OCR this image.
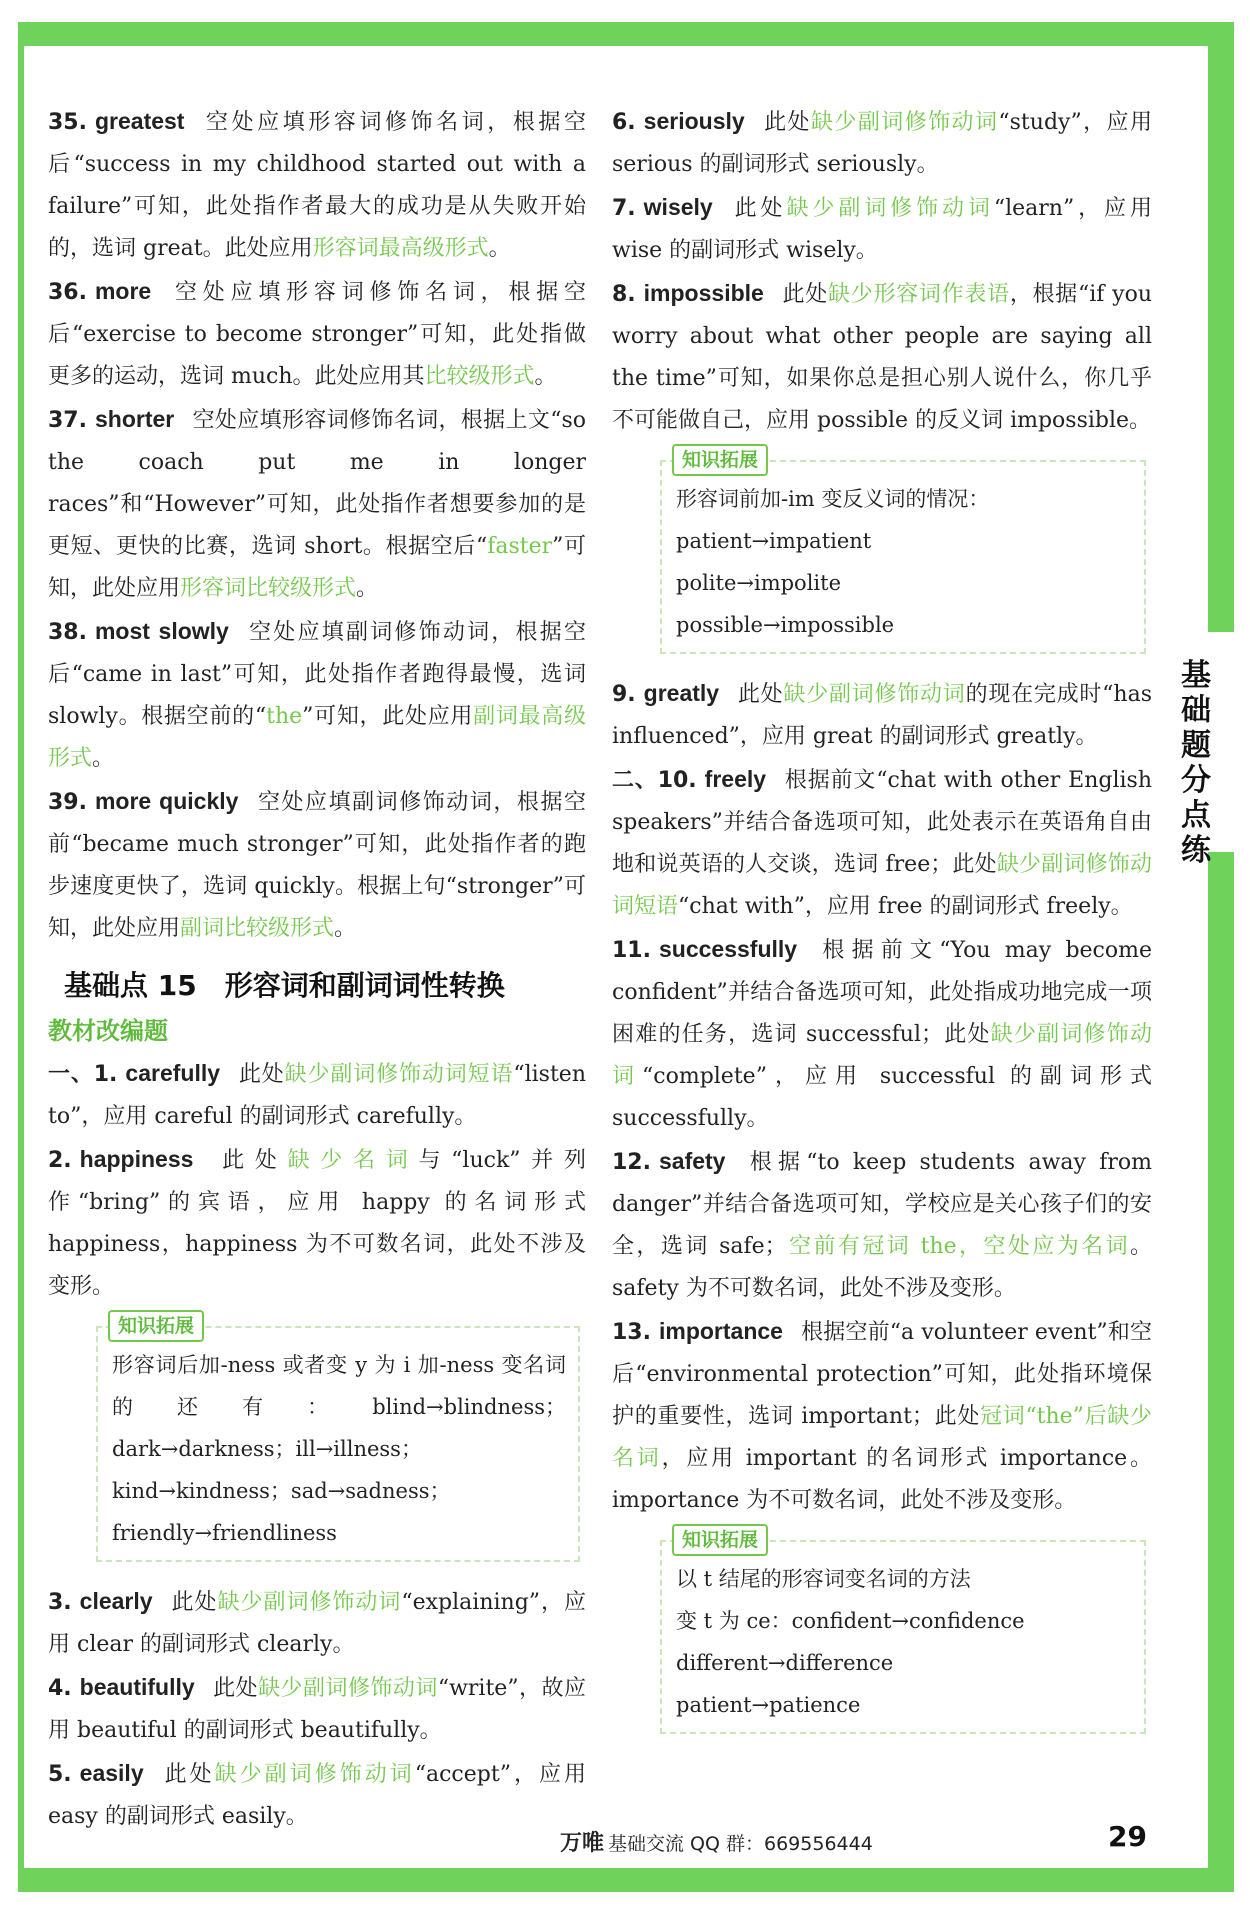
基础题分点练
35. greatest 空处应填形容词修饰名词，根据空后“success in my childhood started out with a failure”可知，此处指作者最大的成功是从失败开始的，选词 great。此处应用形容词最高级形式。
36. more 空处应填形容词修饰名词，根据空后“exercise to become stronger”可知，此处指做更多的运动，选词 much。此处应用其比较级形式。
37. shorter 空处应填形容词修饰名词，根据上文“so the coach put me in longer races”和“However”可知，此处指作者想要参加的是更短、更快的比赛，选词 short。根据空后“faster”可知，此处应用形容词比较级形式。
38. most slowly 空处应填副词修饰动词，根据空后“came in last”可知，此处指作者跑得最慢，选词 slowly。根据空前的“the”可知，此处应用副词最高级形式。
39. more quickly 空处应填副词修饰动词，根据空前“became much stronger”可知，此处指作者的跑步速度更快了，选词 quickly。根据上句“stronger”可知，此处应用副词比较级形式。
基础点 15　形容词和副词词性转换
教材改编题
一、1. carefully 此处缺少副词修饰动词短语“listen to”，应用 careful 的副词形式 carefully。
2. happiness 此处缺少名词与“luck”并列作“bring”的宾语，应用 happy 的名词形式 happiness，happiness 为不可数名词，此处不涉及变形。
知识拓展
形容词后加-ness 或者变 y 为 i 加-ness 变名词的还有：blind→blindness；dark→darkness；ill→illness；kind→kindness；sad→sadness；friendly→friendliness
3. clearly 此处缺少副词修饰动词“explaining”，应用 clear 的副词形式 clearly。
4. beautifully 此处缺少副词修饰动词“write”，故应用 beautiful 的副词形式 beautifully。
5. easily 此处缺少副词修饰动词“accept”，应用 easy 的副词形式 easily。
6. seriously 此处缺少副词修饰动词“study”，应用 serious 的副词形式 seriously。
7. wisely 此处缺少副词修饰动词“learn”，应用 wise 的副词形式 wisely。
8. impossible 此处缺少形容词作表语，根据“if you worry about what other people are saying all the time”可知，如果你总是担心别人说什么，你几乎不可能做自己，应用 possible 的反义词 impossible。
知识拓展
形容词前加-im 变反义词的情况：
patient→impatient
polite→impolite
possible→impossible
9. greatly 此处缺少副词修饰动词的现在完成时“has influenced”，应用 great 的副词形式 greatly。
二、10. freely 根据前文“chat with other English speakers”并结合备选项可知，此处表示在英语角自由地和说英语的人交谈，选词 free；此处缺少副词修饰动词短语“chat with”，应用 free 的副词形式 freely。
11. successfully 根据前文“You may become confident”并结合备选项可知，此处指成功地完成一项困难的任务，选词 successful；此处缺少副词修饰动词“complete”，应用 successful 的副词形式 successfully。
12. safety 根据“to keep students away from danger”并结合备选项可知，学校应是关心孩子们的安全，选词 safe；空前有冠词 the，空处应为名词。safety 为不可数名词，此处不涉及变形。
13. importance 根据空前“a volunteer event”和空后“environmental protection”可知，此处指环境保护的重要性，选词 important；此处冠词“the”后缺少名词，应用 important 的名词形式 importance。importance 为不可数名词，此处不涉及变形。
知识拓展
以 t 结尾的形容词变名词的方法
变 t 为 ce：confident→confidence
different→difference
patient→patience
万唯 基础交流 QQ 群：669556444	29
